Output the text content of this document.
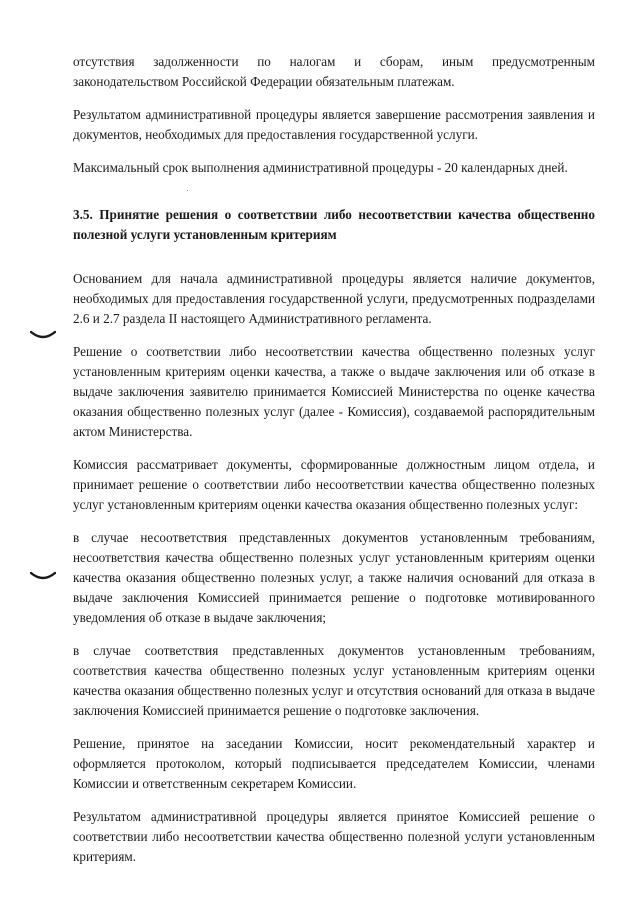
отсутствия задолженности по налогам и сборам, иным предусмотренным законодательством Российской Федерации обязательным платежам.

Результатом административной процедуры является завершение рассмотрения заявления и документов, необходимых для предоставления государственной услуги.

Максимальный срок выполнения административной процедуры - 20 календарных дней.

3.5. Принятие решения о соответствии либо несоответствии качества общественно полезной услуги установленным критериям

Основанием для начала административной процедуры является наличие документов, необходимых для предоставления государственной услуги, предусмотренных подразделами 2.6 и 2.7 раздела II настоящего Административного регламента.

Решение о соответствии либо несоответствии качества общественно полезных услуг установленным критериям оценки качества, а также о выдаче заключения или об отказе в выдаче заключения заявителю принимается Комиссией Министерства по оценке качества оказания общественно полезных услуг (далее - Комиссия), создаваемой распорядительным актом Министерства.

Комиссия рассматривает документы, сформированные должностным лицом отдела, и принимает решение о соответствии либо несоответствии качества общественно полезных услуг установленным критериям оценки качества оказания общественно полезных услуг:

в случае несоответствия представленных документов установленным требованиям, несоответствия качества общественно полезных услуг установленным критериям оценки качества оказания общественно полезных услуг, а также наличия оснований для отказа в выдаче заключения Комиссией принимается решение о подготовке мотивированного уведомления об отказе в выдаче заключения;

в случае соответствия представленных документов установленным требованиям, соответствия качества общественно полезных услуг установленным критериям оценки качества оказания общественно полезных услуг и отсутствия оснований для отказа в выдаче заключения Комиссией принимается решение о подготовке заключения.

Решение, принятое на заседании Комиссии, носит рекомендательный характер и оформляется протоколом, который подписывается председателем Комиссии, членами Комиссии и ответственным секретарем Комиссии.

Результатом административной процедуры является принятое Комиссией решение о соответствии либо несоответствии качества общественно полезной услуги установленным критериям.
